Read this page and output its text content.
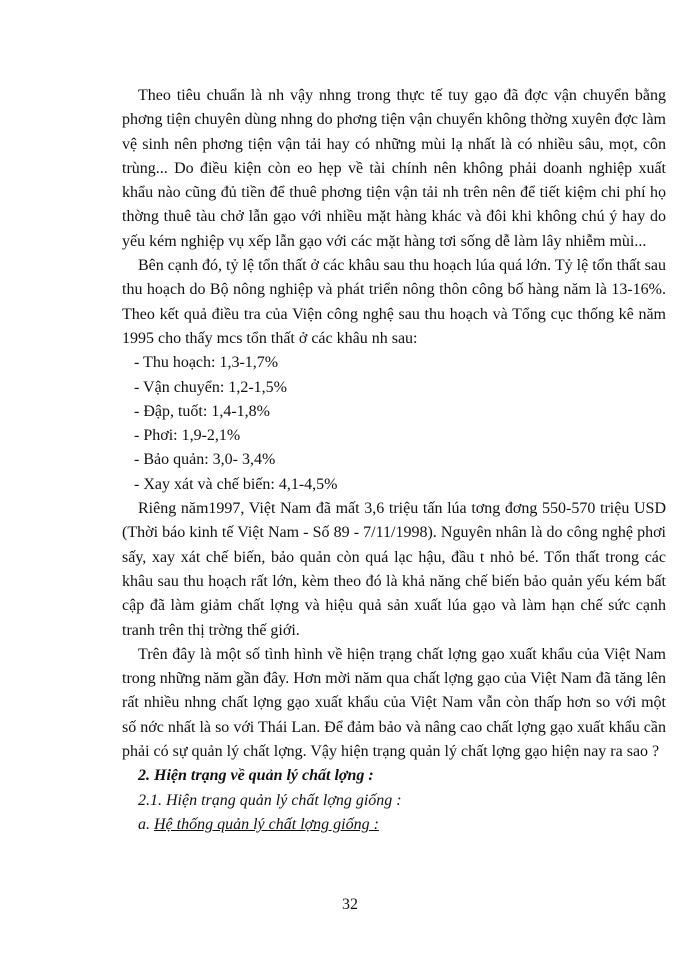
Theo tiêu chuẩn là nh vậy nhng trong thực tế tuy gạo đã đợc vận chuyển bằng phơng tiện chuyên dùng nhng do phơng tiện vận chuyển không thờng xuyên đợc làm vệ sinh nên phơng tiện vận tải hay có những mùi lạ nhất là có nhiều sâu, mọt, côn trùng... Do điều kiện còn eo hẹp về tài chính nên không phải doanh nghiệp xuất khẩu nào cũng đủ tiền để thuê phơng tiện vận tải nh trên nên để tiết kiệm chi phí họ thờng thuê tàu chở lẫn gạo với nhiều mặt hàng khác và đôi khi không chú ý hay do yếu kém nghiệp vụ xếp lẫn gạo với các mặt hàng tơi sống dễ làm lây nhiễm mùi...

Bên cạnh đó, tỷ lệ tổn thất ở các khâu sau thu hoạch lúa quá lớn. Tỷ lệ tổn thất sau thu hoạch do Bộ nông nghiệp và phát triển nông thôn công bố hàng năm là 13-16%. Theo kết quả điều tra của Viện công nghệ sau thu hoạch và Tổng cục thống kê năm 1995 cho thấy mcs tổn thất ở các khâu nh sau:

- Thu hoạch: 1,3-1,7%
- Vận chuyển: 1,2-1,5%
- Đập, tuốt: 1,4-1,8%
- Phơi: 1,9-2,1%
- Bảo quản: 3,0- 3,4%
- Xay xát và chế biến: 4,1-4,5%

Riêng năm1997, Việt Nam đã mất 3,6 triệu tấn lúa tơng đơng 550-570 triệu USD (Thời báo kinh tế Việt Nam - Số 89 - 7/11/1998). Nguyên nhân là do công nghệ phơi sấy, xay xát chế biến, bảo quản còn quá lạc hậu, đầu t nhỏ bé. Tổn thất trong các khâu sau thu hoạch rất lớn, kèm theo đó là khả năng chế biến bảo quản yếu kém bất cập đã làm giảm chất lợng và hiệu quả sản xuất lúa gạo và làm hạn chế sức cạnh tranh trên thị trờng thế giới.

Trên đây là một số tình hình về hiện trạng chất lợng gạo xuất khẩu của Việt Nam trong những năm gần đây. Hơn mời năm qua chất lợng gạo của Việt Nam đã tăng lên rất nhiều nhng chất lợng gạo xuất khẩu của Việt Nam vẫn còn thấp hơn so với một số nớc nhất là so với Thái Lan. Để đảm bảo và nâng cao chất lợng gạo xuất khẩu cần phải có sự quản lý chất lợng. Vậy hiện trạng quản lý chất lợng gạo hiện nay ra sao ?

2. Hiện trạng về quản lý chất lợng :

2.1. Hiện trạng quản lý chất lợng giống :

a. Hệ thống quản lý chất lợng giống :

32
